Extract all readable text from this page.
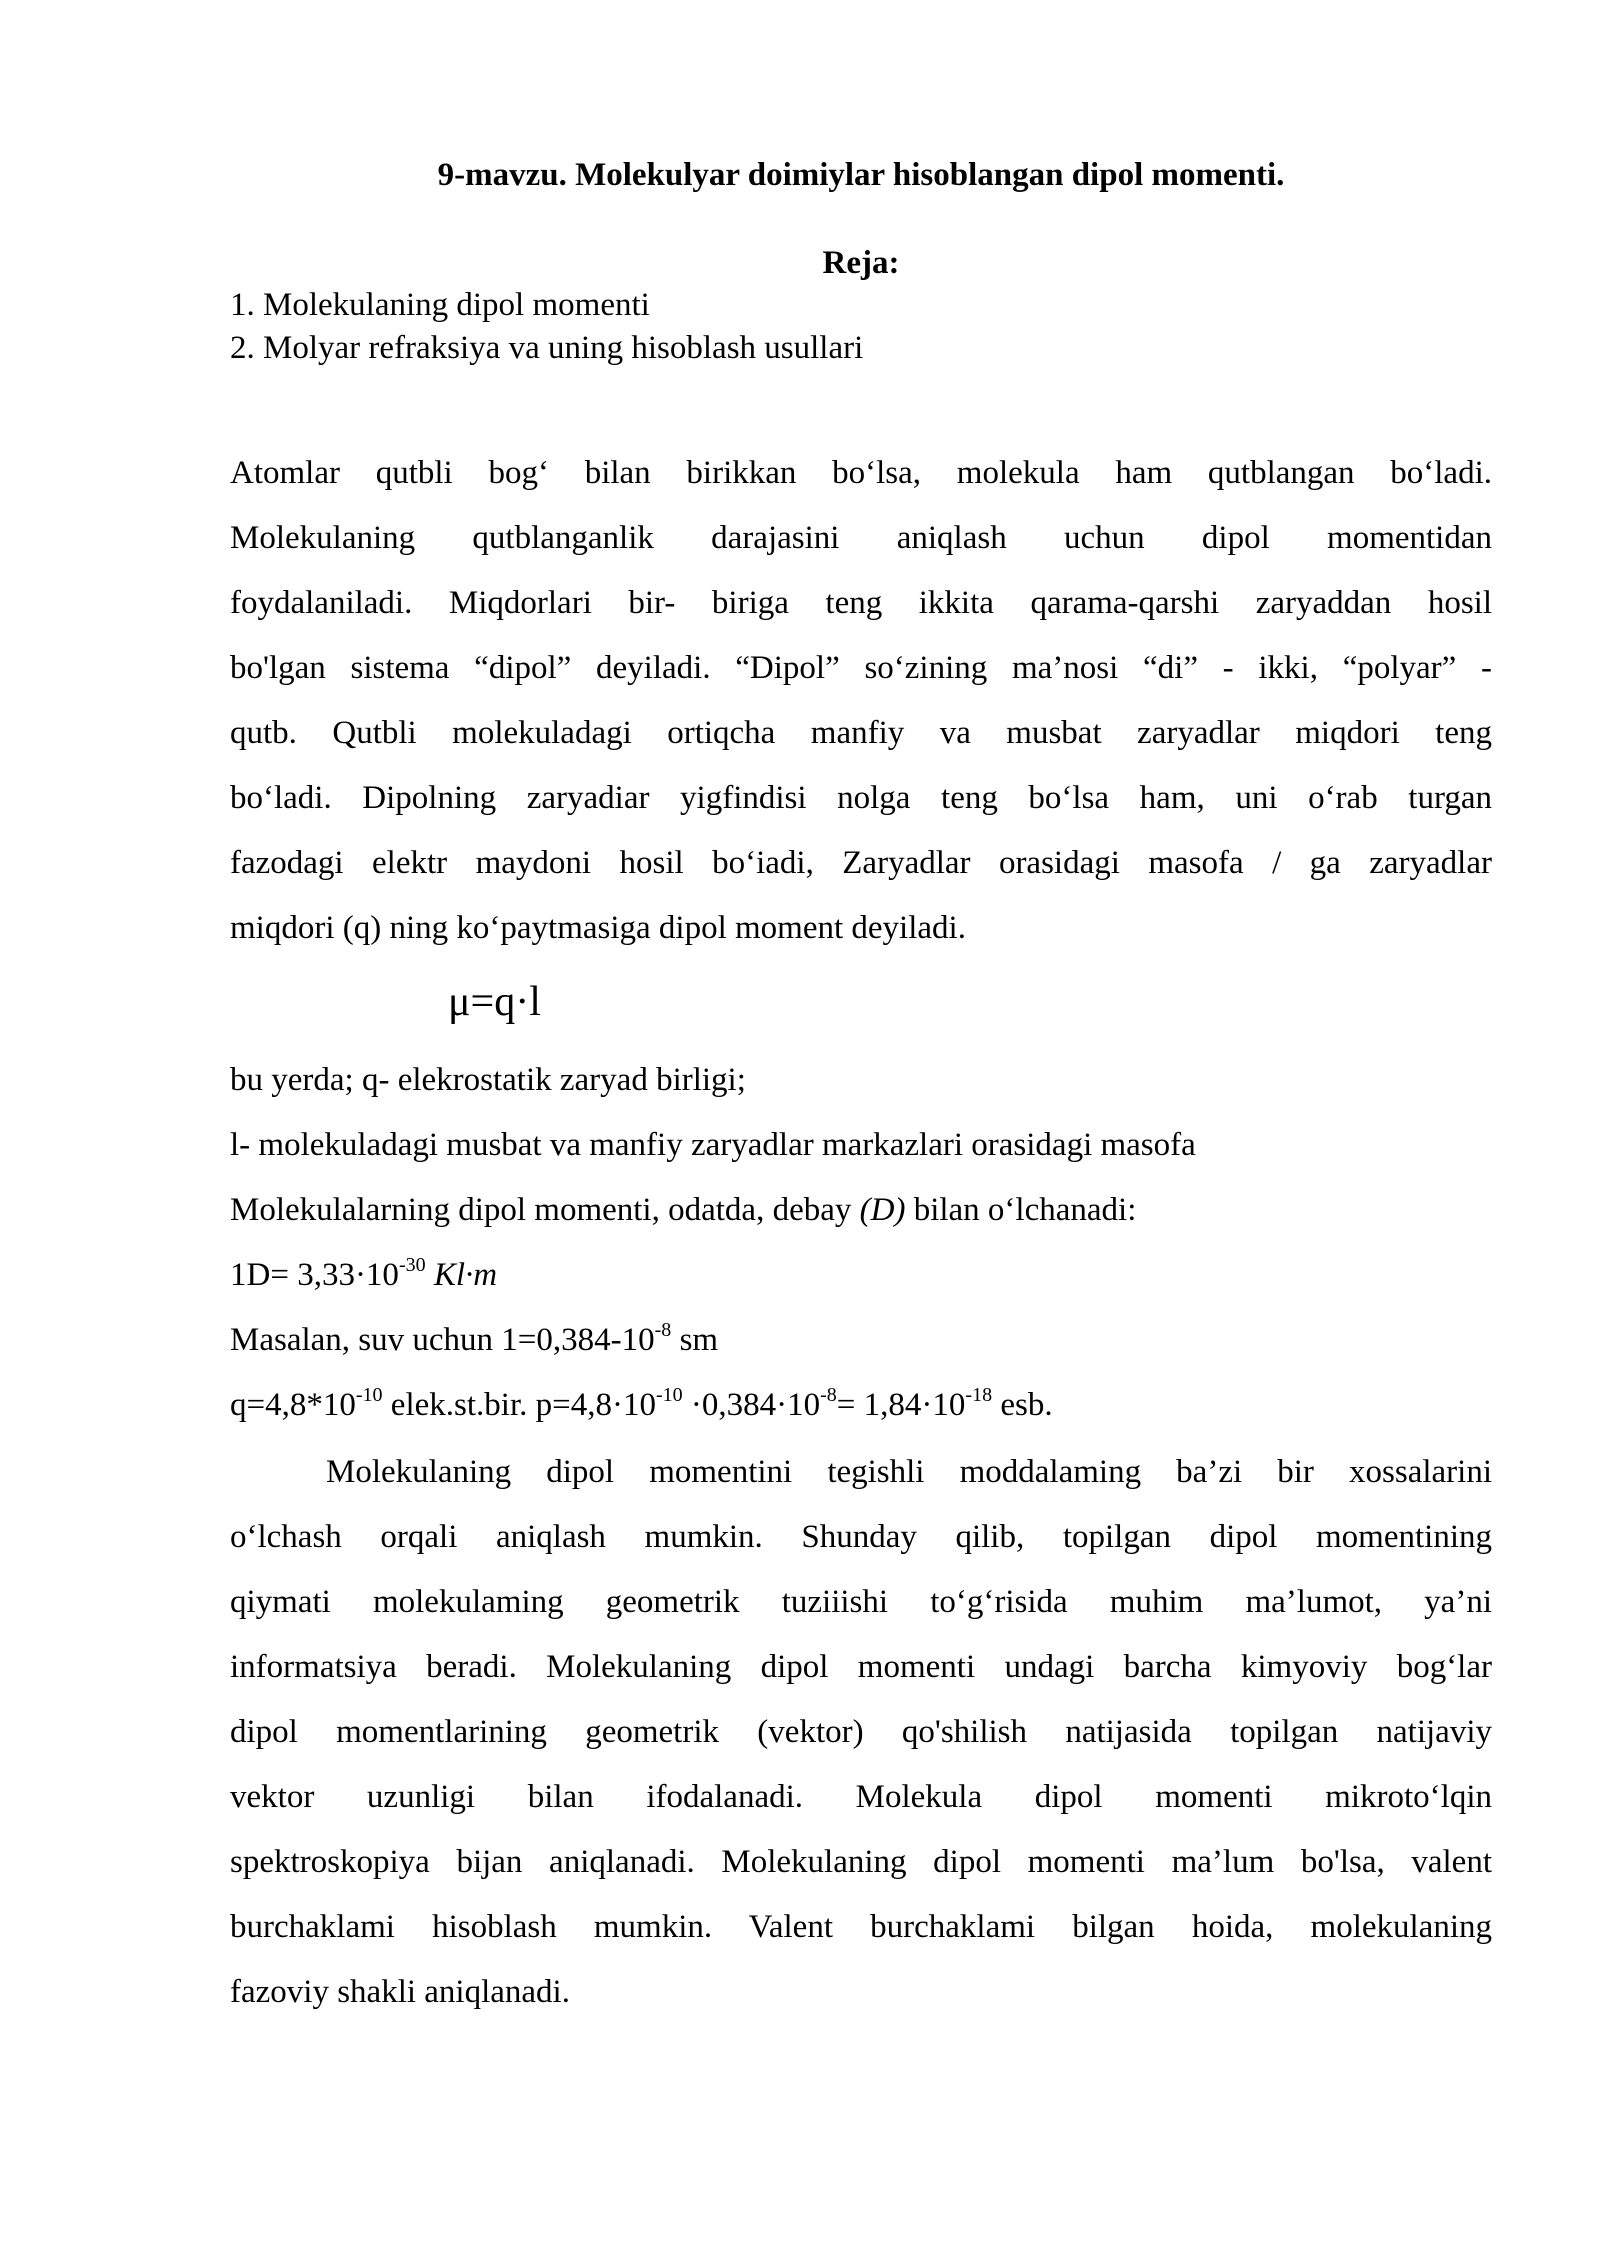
9-mavzu. Molekulyar doimiylar hisoblangan dipol momenti.
Reja:
1. Molekulaning dipol momenti
2. Molyar refraksiya va uning hisoblash usullari
Atomlar qutbli bog‘ bilan birikkan bo‘lsa, molekula ham qutblangan bo‘ladi.
Molekulaning qutblanganlik darajasini aniqlash uchun dipol momentidan
foydalaniladi. Miqdorlari bir- biriga teng ikkita qarama-qarshi zaryaddan hosil
bo'lgan sistema “dipol” deyiladi. “Dipol” so‘zining ma’nosi “di” - ikki, “polyar” -
qutb. Qutbli molekuladagi ortiqcha manfiy va musbat zaryadlar miqdori teng
bo‘ladi. Dipolning zaryadiar yigfindisi nolga teng bo‘lsa ham, uni o‘rab turgan
fazodagi elektr maydoni hosil bo‘iadi, Zaryadlar orasidagi masofa / ga zaryadlar
miqdori (q) ning ko‘paytmasiga dipol moment deyiladi.
μ=q·l
bu yerda; q- elekrostatik zaryad birligi;
l- molekuladagi musbat va manfiy zaryadlar markazlari orasidagi masofa
Molekulalarning dipol momenti, odatda, debay (D) bilan o‘lchanadi:
$1D= 3,33\cdot 10^{-30}$ Kl·m
Masalan, suv uchun $1=0,384-10^{-8}$ sm
$q=4,8*10^{-10}$ elek.st.bir. $p=4,8\cdot 10^{-10} \cdot 0,384\cdot 10^{-8}= 1,84\cdot 10^{-18}$ esb.
Molekulaning dipol momentini tegishli moddalaming ba’zi bir xossalarini
o‘lchash orqali aniqlash mumkin. Shunday qilib, topilgan dipol momentining
qiymati molekulaming geometrik tuziiishi to‘g‘risida muhim ma’lumot, ya’ni
informatsiya beradi. Molekulaning dipol momenti undagi barcha kimyoviy bog‘lar
dipol momentlarining geometrik (vektor) qo'shilish natijasida topilgan natijaviy
vektor uzunligi bilan ifodalanadi. Molekula dipol momenti mikroto‘lqin
spektroskopiya bijan aniqlanadi. Molekulaning dipol momenti ma’lum bo'lsa, valent
burchaklami hisoblash mumkin. Valent burchaklami bilgan hoida, molekulaning
fazoviy shakli aniqlanadi.
